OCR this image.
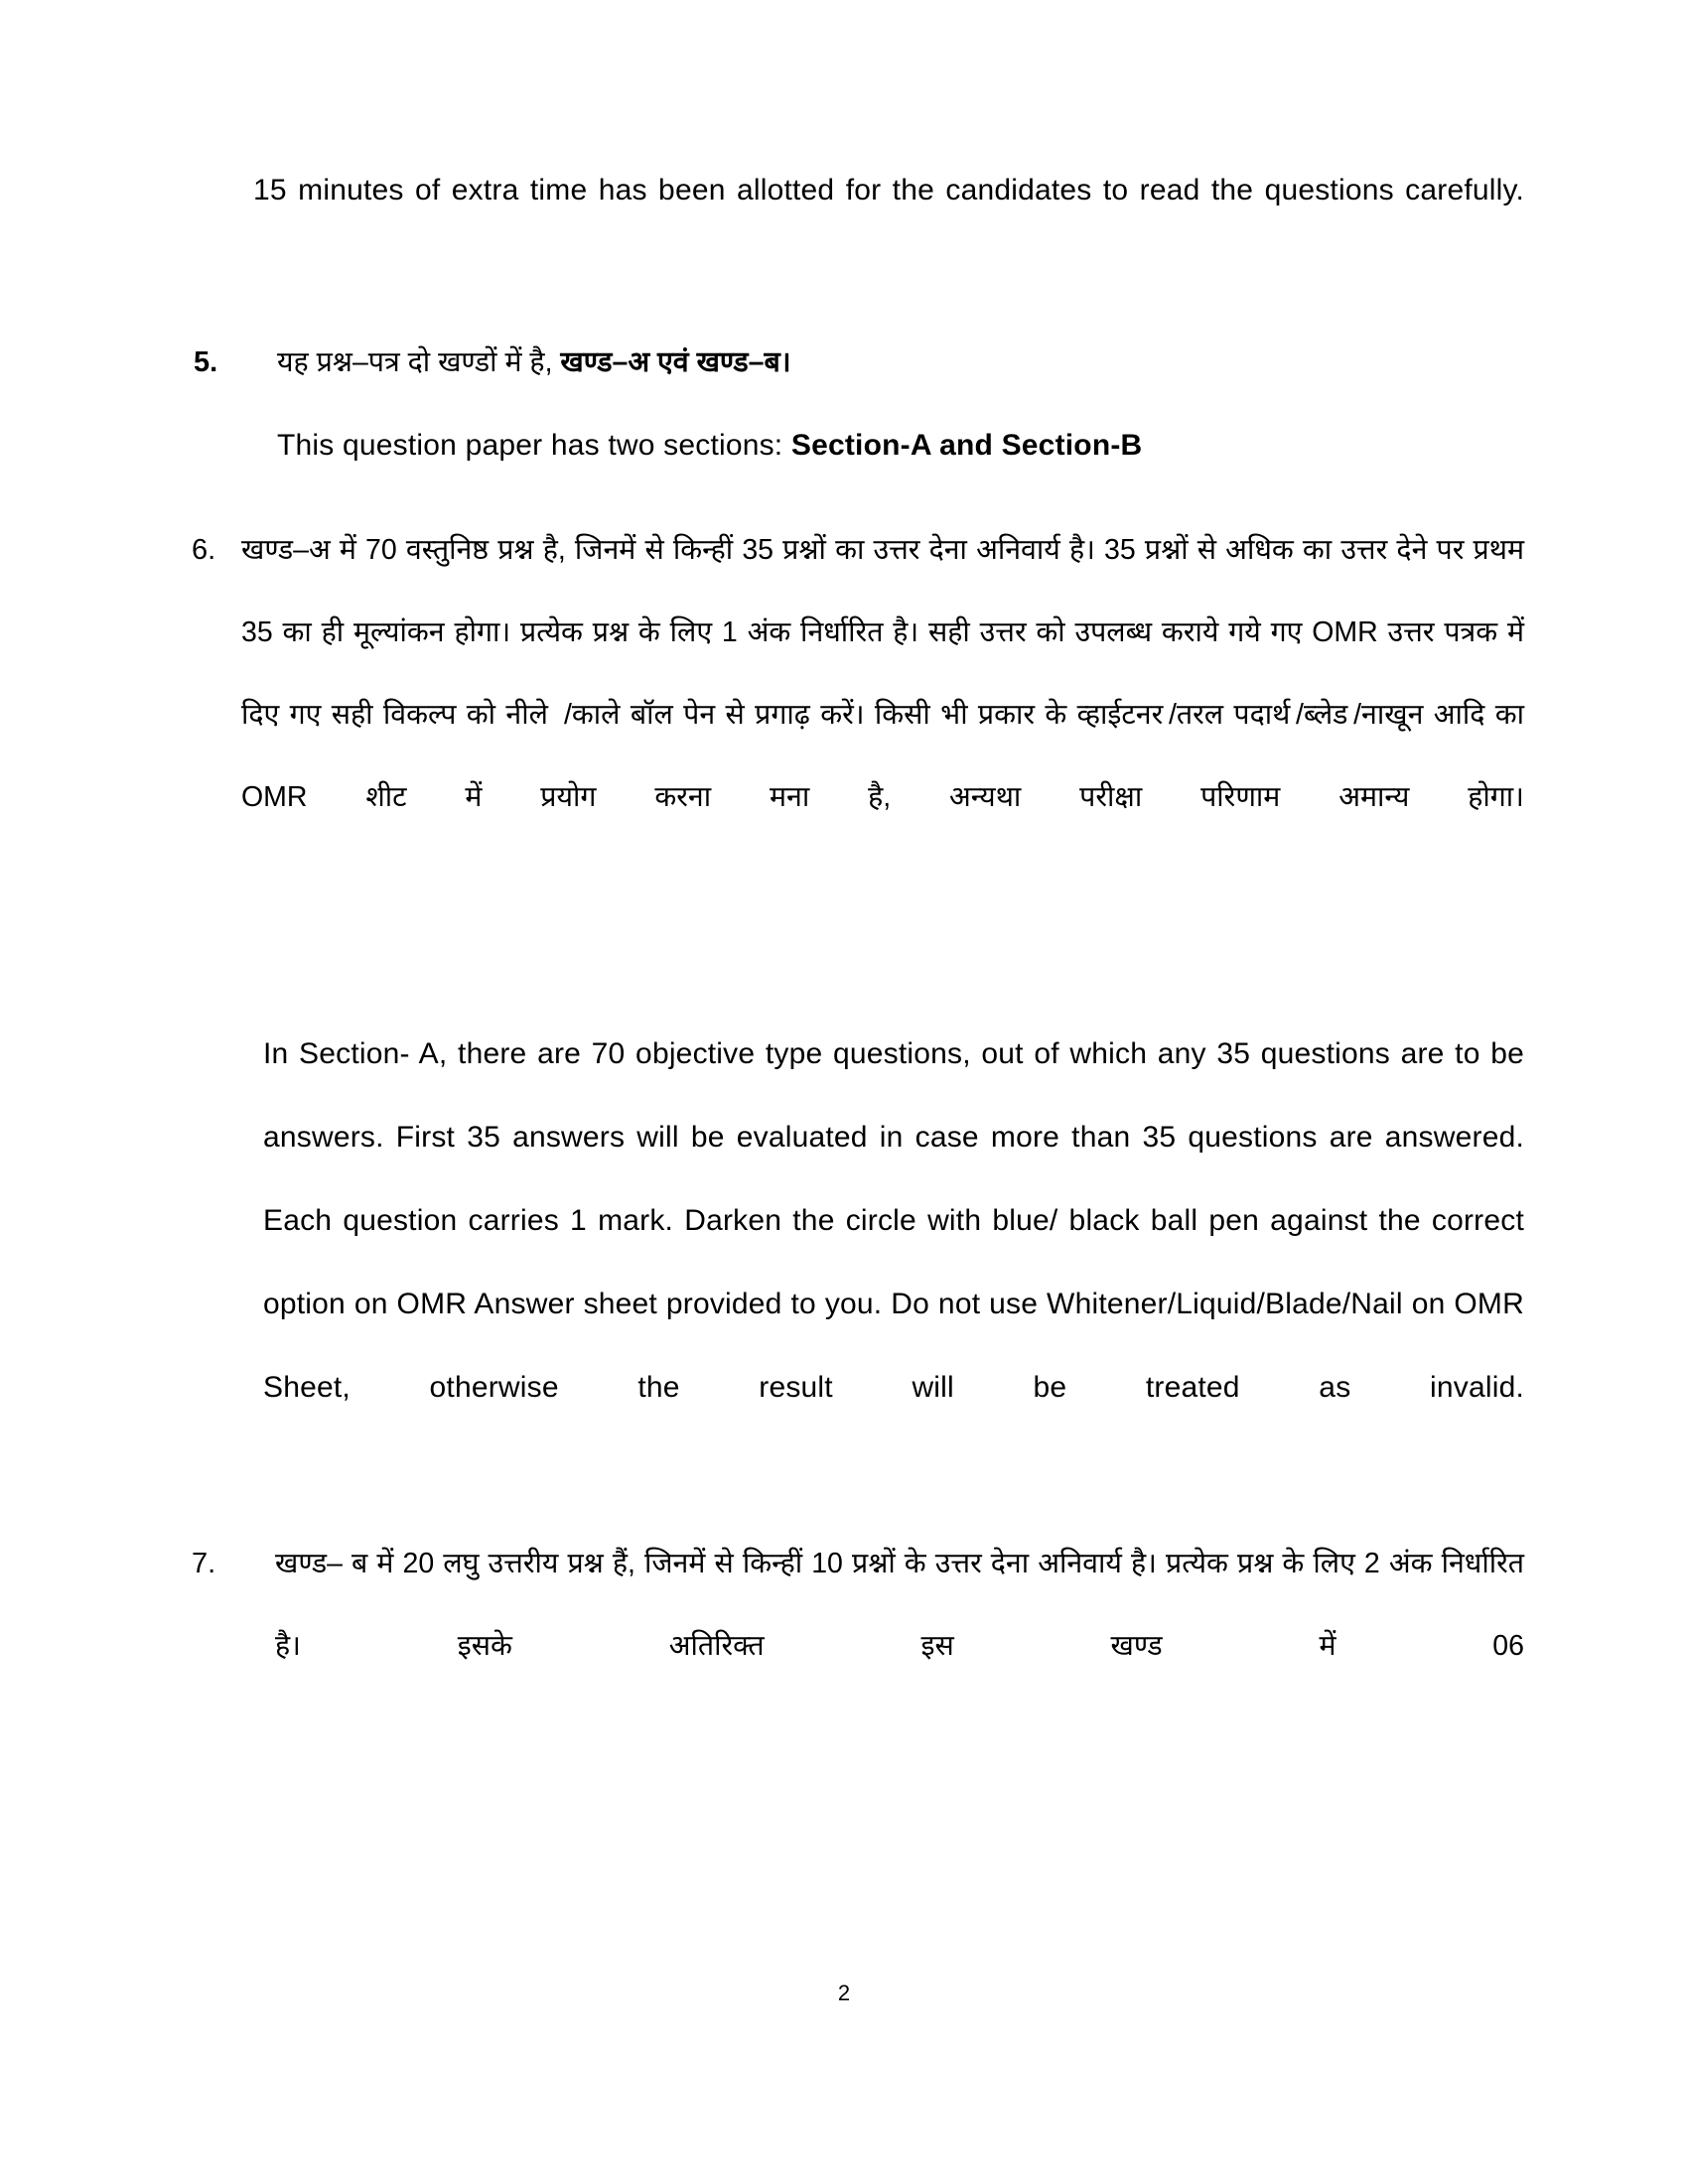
15 minutes of extra time has been allotted for the candidates to read the questions carefully.
5.	यह प्रश्न–पत्र दो खण्डों में है, खण्ड–अ एवं खण्ड–ब।
This question paper has two sections: Section-A and Section-B
6. खण्ड–अ में 70 वस्तुनिष्ठ प्रश्न है, जिनमें से किन्हीं 35 प्रश्नों का उत्तर देना अनिवार्य है। 35 प्रश्नों से अधिक का उत्तर देने पर प्रथम 35 का ही मूल्यांकन होगा। प्रत्येक प्रश्न के लिए 1 अंक निर्धारित है। सही उत्तर को उपलब्ध कराये गये गए OMR उत्तर पत्रक में दिए गए सही विकल्प को नीले  /काले बॉल पेन से प्रगाढ़ करें। किसी भी प्रकार के व्हाईटनर /तरल पदार्थ /ब्लेड /नाखून आदि का OMR शीट में प्रयोग करना मना है, अन्यथा परीक्षा परिणाम अमान्य होगा।
In Section- A, there are 70 objective type questions, out of which any 35 questions are to be answers. First 35 answers will be evaluated in case more than 35 questions are answered. Each question carries 1 mark. Darken the circle with blue/ black ball pen against the correct option on OMR Answer sheet provided to you. Do not use Whitener/Liquid/Blade/Nail on OMR Sheet, otherwise the result will be treated as invalid.
7.	खण्ड– ब में 20 लघु उत्तरीय प्रश्न हैं, जिनमें से किन्हीं 10 प्रश्नों के उत्तर देना अनिवार्य है। प्रत्येक प्रश्न के लिए 2 अंक निर्धारित है। इसके अतिरिक्त इस खण्ड में 06
2
